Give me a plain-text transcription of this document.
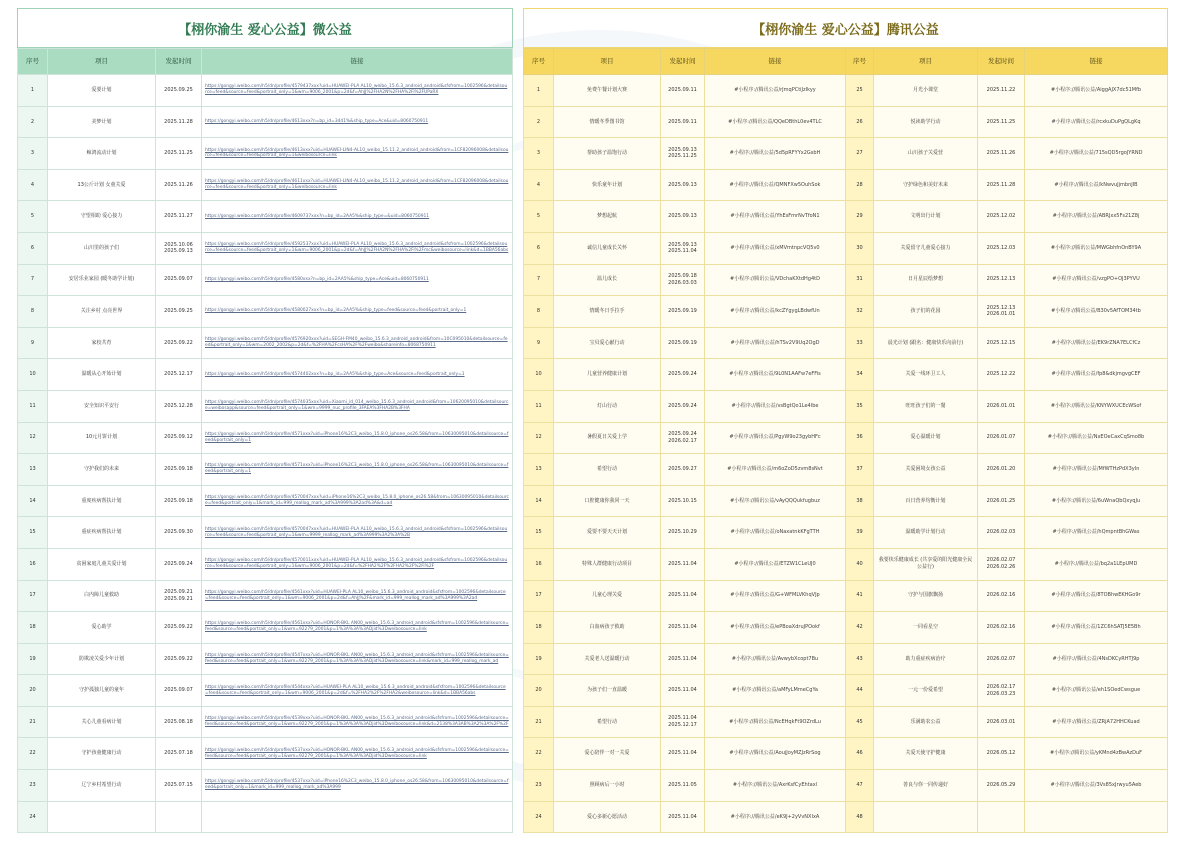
【栩你渝生 爱心公益】微公益
序号	项目	发起时间	链接
1	爱要计划	2025.09.25	https://gongyi.weibo.com/h5/dn/profile/4579437xxx?uid=HUAWEI-PLA AL10_weibo_15.6.3_android_android&sfsfrom=1002596&detailsource=feed&source=feed&portrait_only=1&wm=9006_2001&p=2d&f=AhJJ%2FHA2N%2FHA%2Fi%2FUPaRX
2	美梦计划	2025.11.28	https://gongyi.weibo.com/h5/dn/profile/4613xxx?n=bp_id=3441%&ship_type=Ace&uid=8060750911
3	鲸鸿流动计划	2025.11.25	https://gongyi.weibo.com/h5/dn/profile/4613xxx?uid=HUAWEI-LIN4-AL10_weibo_15.11.2_android_android&from=1CF82096008&detailsource=feed&source=feed&portrait_only=1&weibosource=link
4	13公斤计划 女童关爱	2025.11.26	https://gongyi.weibo.com/h5/dn/profile/4611xxx?uid=HUAWEI-LIN4-AL10_weibo_15.11.2_android_android&from=1CF82096008&detailsource=feed&source=feed&portrait_only=1&weibosource=link
5	守望相助 爱心接力	2025.11.27	https://gongyi.weibo.com/h5/dn/profile/4609737xxx?n=bp_id=2AA5%&ship_type=&uid=8060750911
6	山川里的孩子们	2025.10.06 2025.09.13	https://gongyi.weibo.com/h5/dn/profile/4592537xxx?uid=HUAWEI-PLA AL10_weibo_15.6.3_android_android&sfsfrom=1002596&detailsource=feed&source=feed&portrait_only=1&wm=9006_2001&p=2d&f=AhJJ%2FHA2N%2FHA%2Fi%2Fmc&weibosource=link&d=1BBA56abs
7	安居乐业家园 (暖冬助学计划)	2025.09.07	https://gongyi.weibo.com/h5/dn/profile/4580xxx?n=bp_id=2AA5%&ship_type=Ace&uid=8060750911
8	关注乡村 点亮世界	2025.09.25	https://gongyi.weibo.com/h5/dn/profile/4580027xxx?n=bp_id=2AA5%&ship_type=feed&source=feed&portrait_only=1
9	家校共育	2025.09.22	https://gongyi.weibo.com/h5/dn/profile/4576920xxx?uid=SEGH-FM40_weibo_15.6.3_android_android&from=10C095010&detailsource=feed&portrait_only=1&wm=2002_2002&p=2d&f=%2FHA%2FcsHA%2F%2Fweibo&shareinfo=8068750911
10	温暖从心开始计划	2025.12.17	https://gongyi.weibo.com/h5/dn/profile/4574402xxx?n=bp_id=2AA5%&ship_type=Ace&source=feed&portrait_only=1
11	安全知识平安行	2025.12.28	https://gongyi.weibo.com/h5/dn/profile/4574035xxx?uid=Xiaomi_id_014_weibo_15.6.3_android_android&from=10620095010&detailsource=weibosapp&source=feed&portrait_only=1&wm=9999_nuc_profile_3FAEA%3FHA2B%3FHA
12	10元月饼计划	2025.09.12	https://gongyi.weibo.com/h5/dn/profile/4571xxx?uid=iPhone16%2C3_weibo_15.8.0_iphone_os26.58&from=10630095010&detailsource=feed&portrait_only=1
13	守护我们的未来	2025.09.18	https://gongyi.weibo.com/h5/dn/profile/4571xxx?uid=iPhone16%2C3_weibo_15.8.0_iphone_os26.58&from=10630095010&detailsource=feed&portrait_only=1
14	重度疾病帮扶计划	2025.09.18	https://gongyi.weibo.com/h5/dn/profile/4570047xxx?uid=iPhone16%2C3_weibo_15.8.0_iphone_os26.58&from=10630095010&detailsource=feed&portrait_only=1&mark_id=999_reallog_mark_ad%3A999%3A2ad%3A&d=ad
15	重症疾病帮扶计划	2025.09.30	https://gongyi.weibo.com/h5/dn/profile/4570047xxx?uid=HUAWEI-PLA AL10_weibo_15.6.3_android_android&sfsfrom=1002596&detailsource=feed&source=feed&portrait_only=1&wm=9999_reallog_mark_ad%3A999%3A2%3A%2B
16	贫困家庭儿童关爱计划	2025.09.24	https://gongyi.weibo.com/h5/dn/profile/4570011xxx?uid=HUAWEI-PLA AL10_weibo_15.6.3_android_android&sfsfrom=1002596&detailsource=feed&source=feed&portrait_only=1&wm=9006_2001&p=2d&f=%2FHA2%2F%2FHA2%2F%2Fi%2F
17	白内障儿童救助	2025.09.21 2025.09.21	https://gongyi.weibo.com/h5/dn/profile/4561xxx?uid=HUAWEI-PLA AL10_weibo_15.6.3_android_android&sfsfrom=1002596&detailsource=feed&source=feed&portrait_only=1&wm=9006_2001&p=2d&f=AhJJ%2F&mark_id=999_reallog_mark_ad%3A999%3A2ad
18	爱心助学	2025.09.22	https://gongyi.weibo.com/h5/dn/profile/4561xxx?uid=HONOR-BKL AN00_weibo_15.6.3_android_android&sfsfrom=1002596&detailsource=feed&source=feed&portrait_only=1&wm=92279_2001&p=1%3A%3A%3ADjid%3Dweibosource=link
19	防欺凌关爱少年计划	2025.09.22	https://gongyi.weibo.com/h5/dn/profile/4547xxx?uid=HONOR-BKL AN00_weibo_15.6.3_android_android&sfsfrom=1002596&detailsource=feed&source=feed&portrait_only=1&wm=92279_2001&p=1%3A%3A%3ADjid%3Dweibosource=link&mark_id=999_reallog_mark_ad
20	守护孤独儿童的童年	2025.09.07	https://gongyi.weibo.com/h5/dn/profile/4544xxx?uid=HUAWEI-PLA AL10_weibo_15.6.3_android_android&sfsfrom=1002596&detailsource=feed&source=feed&portrait_only=1&wm=9006_2001&p=2d&f=%2FHA2%2F%2FHA2&weibosource=link&d=1BBA56abs
21	关心儿童看病计划	2025.08.18	https://gongyi.weibo.com/h5/dn/profile/4539xxx?uid=HONOR-BKL AN00_weibo_15.6.3_android_android&sfsfrom=1002596&detailsource=feed&source=feed&portrait_only=1&wm=92279_2001&p=1%3A%3A%3ADjid%3Dweibosource=link&d=2138%3A3AB%3A2%3A%2F%2F
22	守护孩童健康行动	2025.07.18	https://gongyi.weibo.com/h5/dn/profile/4537xxx?uid=HONOR-BKL AN00_weibo_15.6.3_android_android&sfsfrom=1002596&detailsource=feed&source=feed&portrait_only=1&wm=92279_2001&p=1%3A%3A%3ADjid%3Dweibosource=link
23	辽宁乡村希望行动	2025.07.15	https://gongyi.weibo.com/h5/dn/profile/4537xxx?uid=iPhone16%2C3_weibo_15.8.0_iphone_os26.58&from=10630095010&detailsource=feed&portrait_only=1&mark_id=999_reallog_mark_ad%3A999
24			
【栩你渝生 爱心公益】腾讯公益
序号	项目	发起时间	链接	序号	项目	发起时间	链接
1	免费午餐计划大赛	2025.09.11	#小程序://腾讯公益/rJmqPCtiJzIkyy	25	月光小课堂	2025.11.22	#小程序://腾讯公益/AiggAJX7dc51Mfb
2	情暖冬季图书馆	2025.09.11	#小程序://腾讯公益/QQeDBthL0ev4TLC	26	悦读助学行动	2025.11.25	#小程序://腾讯公益/rcxkuDuPgQLgKq
3	帮助孩子温饱行动	2025.09.13 2025.11.25	#小程序://腾讯公益/5d5pRFYYx2GsbH	27	山川孩子关爱营	2025.11.26	#小程序://腾讯公益/715sQD5rgoJYRND
4	快乐童年计划	2025.09.13	#小程序://腾讯公益/QMNFXw5OuhSok	28	守护绿色和美好未来	2025.11.28	#小程序://腾讯公益/kNwvuJjmbnJIB
5	梦想起航	2025.09.13	#小程序://腾讯公益/YhEsFmrNvTfoN1	29	文明出行计划	2025.12.02	#小程序://腾讯公益/ABRJxx5Fs21Z8j
6	诚信儿童成长关怀	2025.09.13 2025.11.04	#小程序://腾讯公益/xMVmtnpcVQ5v0	30	关爱留守儿童爱心接力	2025.12.03	#小程序://腾讯公益/MWGbhfnOnBY9A
7	温儿成长	2025.09.18 2026.03.03	#小程序://腾讯公益/VDchaKXtdHg4tD	31	日月星辰绘梦想	2025.12.13	#小程序://腾讯公益/vzgPO+OJ3PYVU
8	情暖冬日手拉手	2025.09.19	#小程序://腾讯公益/kcZYgygLBdwfUn	32	孩子们的花园	2025.12.13 2026.01.01	#小程序://腾讯公益/B30v5AfTOM34tb
9	宝贝爱心献行动	2025.09.19	#小程序://腾讯公益/hTSv2V9Uq2OgD	33	晨光计划 (跟名：健康快乐向前行)	2025.12.15	#小程序://腾讯公益/EK9rZNA7ELCfCz
10	儿童营养健康计划	2025.09.24	#小程序://腾讯公益/9L0N1AAFw7eFFis	34	关爱一线环卫工人	2025.12.22	#小程序://腾讯公益/fp8&dkjmgvgCEF
11	灯山行动	2025.09.24	#小程序://腾讯公益/vsBgtQo1Le4Ibe	35	旺旺孩子们的一餐	2026.01.01	#小程序://腾讯公益/KNYWXUCEcWSof
12	暑假夏日关爱上学	2025.09.24 2026.02.17	#小程序://腾讯公益/PgyW9o23gybHFc	36	爱心温暖计划	2026.01.07	#小程序://腾讯公益/NxEOeCaxCqSmo8b
13	希望行动	2025.09.27	#小程序://腾讯公益/m6oZoD5zvm8sNvt	37	关爱困境女孩公益	2026.01.20	#小程序://腾讯公益/MfWTHzPdX3yIn
14	口腔健康你我同一天	2025.10.15	#小程序://腾讯公益/vAyQQQukfugbuz	38	百日营养均衡计划	2026.01.25	#小程序://腾讯公益/6uWnaQbQxyqJu
15	爱要不要天天计划	2025.10.29	#小程序://腾讯公益/oNaxatnkKFgTTH	39	温暖助学计划行动	2026.02.03	#小程序://腾讯公益/hQmpntBhGWas
16	特殊人群健康行动项目	2025.11.04	#小程序://腾讯公益/ETZW1CLeUJ0	40	我要快乐健康成长 (共享爱的阳光健康全民公益行)	2026.02.07 2026.02.26	#小程序://腾讯公益/bq2a1LEpUMD
17	儿童心理关爱	2025.11.04	#小程序://腾讯公益/G+WFMLVKhqVJp	41	守护与国旗飘扬	2026.02.16	#小程序://腾讯公益/8TOBhwEKHGo9r
18	白血病孩子救助	2025.11.04	#小程序://腾讯公益/ePBoaXdruJPOokf	42	一同看星空	2026.02.16	#小程序://腾讯公益/1ZC6hSATJ5E5Bh
19	关爱老人送温暖行动	2025.11.04	#小程序://腾讯公益/AvwybXcopt7Bu	43	助力重症疾病治疗	2026.02.07	#小程序://腾讯公益/4NsDKCyRHTJ9p
20	为孩子们一直温暖	2025.11.04	#小程序://腾讯公益/aMFyLMmeCgYa	44	一元一份爱希望	2026.02.17 2026.03.23	#小程序://腾讯公益/eh1SOedCwsgue
21	希望行动	2025.11.04 2025.12.17	#小程序://腾讯公益/NcEHqkFt9OZrdLu	45	乐满助农公益	2026.03.01	#小程序://腾讯公益/ZRjA72HHCKuad
22	爱心陪伴一对一关爱	2025.11.04	#小程序://腾讯公益/AoujJoyMZJzRrSog	46	关爱天使守护健康	2026.05.12	#小程序://腾讯公益/yKMnd4zBwAzDuF
23	照顾病后一小时	2025.11.05	#小程序://腾讯公益/AxrKsfCyEhtaxl	47	善良与你一同传递好	2026.05.29	#小程序://腾讯公益/3Vs85xJrwyu5Aeb
24	爱心多新心愿活动	2025.11.04	#小程序://腾讯公益/eK9J+2yVvNXIxA	48			
